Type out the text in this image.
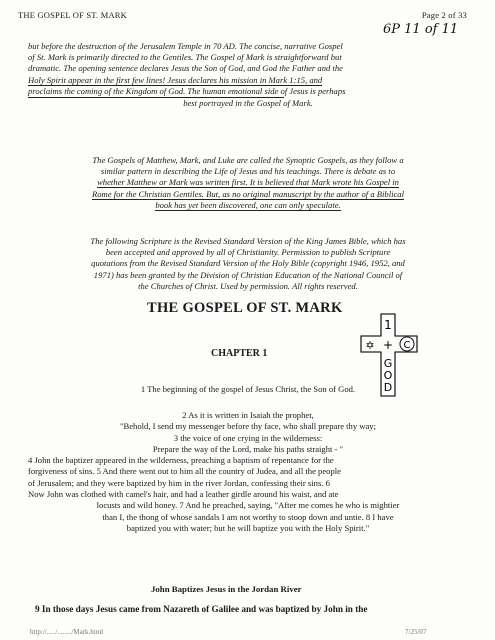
THE GOSPEL OF ST. MARK	Page 2 of 33
6P 11 of 11
but before the destruction of the Jerusalem Temple in 70 AD. The concise, narrative Gospel
of St. Mark is primarily directed to the Gentiles. The Gospel of Mark is straightforward but
dramatic. The opening sentence declares Jesus the Son of God, and God the Father and the
Holy Spirit appear in the first few lines! Jesus declares his mission in Mark 1:15, and
proclaims the coming of the Kingdom of God. The human emotional side of Jesus is perhaps
best portrayed in the Gospel of Mark.
The Gospels of Matthew, Mark, and Luke are called the Synoptic Gospels, as they follow a
similar pattern in describing the Life of Jesus and his teachings. There is debate as to
whether Matthew or Mark was written first. It is believed that Mark wrote his Gospel in
Rome for the Christian Gentiles. But, as no original manuscript by the author of a Biblical
book has yet been discovered, one can only speculate.
The following Scripture is the Revised Standard Version of the King James Bible, which has
been accepted and approved by all of Christianity. Permission to publish Scripture
quotations from the Revised Standard Version of the Holy Bible (copyright 1946, 1952, and
1971) has been granted by the Division of Christian Education of the National Council of
the Churches of Christ. Used by permission. All rights reserved.
THE GOSPEL OF ST. MARK
CHAPTER 1
1
✡ + C
G
O
D
1 The beginning of the gospel of Jesus Christ, the Son of God.
2 As it is written in Isaiah the prophet,
"Behold, I send my messenger before thy face, who shall prepare thy way;
3 the voice of one crying in the wilderness:
Prepare the way of the Lord, make his paths straight - "
4 John the baptizer appeared in the wilderness, preaching a baptism of repentance for the
forgiveness of sins. 5 And there went out to him all the country of Judea, and all the people
of Jerusalem; and they were baptized by him in the river Jordan, confessing their sins. 6
Now John was clothed with camel's hair, and had a leather girdle around his waist, and ate
locusts and wild honey. 7 And he preached, saying, "After me comes he who is mightier
than I, the thong of whose sandals I am not worthy to stoop down and untie. 8 I have
baptized you with water; but he will baptize you with the Holy Spirit."
John Baptizes Jesus in the Jordan River
9 In those days Jesus came from Nazareth of Galilee and was baptized by John in the
http://...../......../Mark.html	7/25/07
